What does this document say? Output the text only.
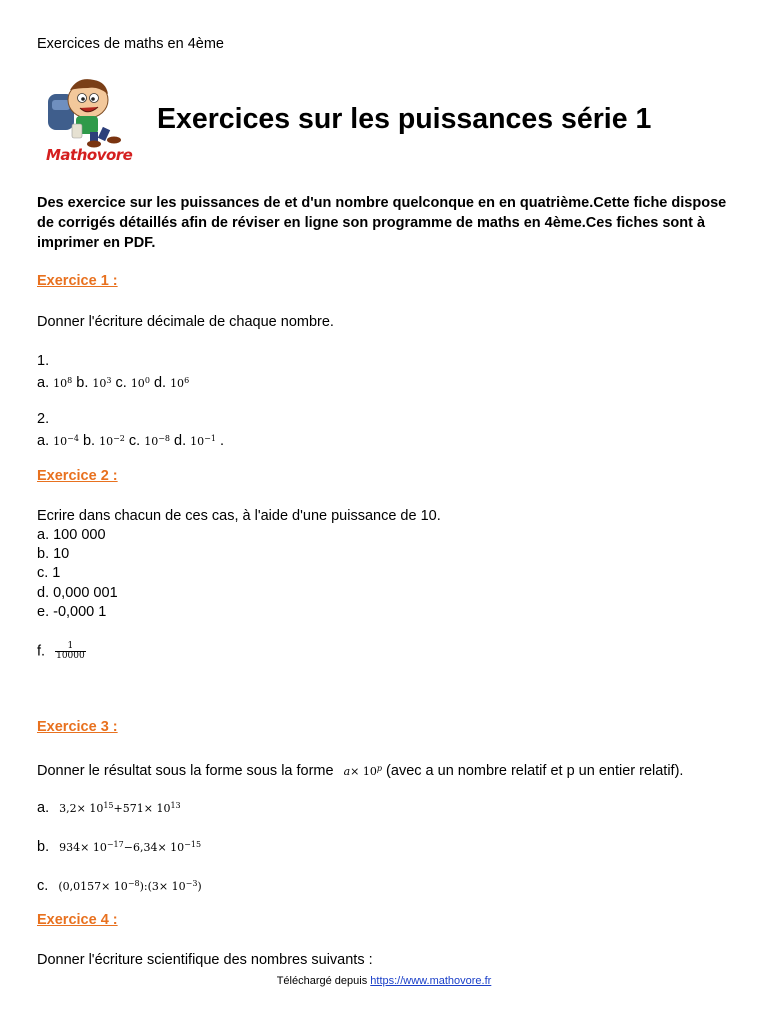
Exercices de maths en 4ème
Mathovore
Exercices sur les puissances série 1
Des exercice sur les puissances de et d'un nombre quelconque en en quatrième.Cette fiche dispose de corrigés détaillés afin de réviser en ligne son programme de maths en 4ème.Ces fiches sont à imprimer en PDF.
Exercice 1 :
Donner l'écriture décimale de chaque nombre.
1.
a. $10^8$ b. $10^3$ c. $10^0$ d. $10^6$
2.
a. $10^{-4}$ b. $10^{-2}$ c. $10^{-8}$ d. $10^{-1}$ .
Exercice 2 :
Ecrire dans chacun de ces cas, à l'aide d'une puissance de 10.
a. 100 000
b. 10
c. 1
d. 0,000 001
e. -0,000 1
f. $\frac{1}{10000}$
Exercice 3 :
Donner le résultat sous la forme sous la forme $a\times 10^p$ (avec a un nombre relatif et p un entier relatif).
a. $3,2\times 10^{15}+571\times 10^{13}$
b. $934\times 10^{-17}-6,34\times 10^{-15}$
c. $(0,0157\times 10^{-8}):(3\times 10^{-3})$
Exercice 4 :
Donner l'écriture scientifique des nombres suivants :
Téléchargé depuis https://www.mathovore.fr
